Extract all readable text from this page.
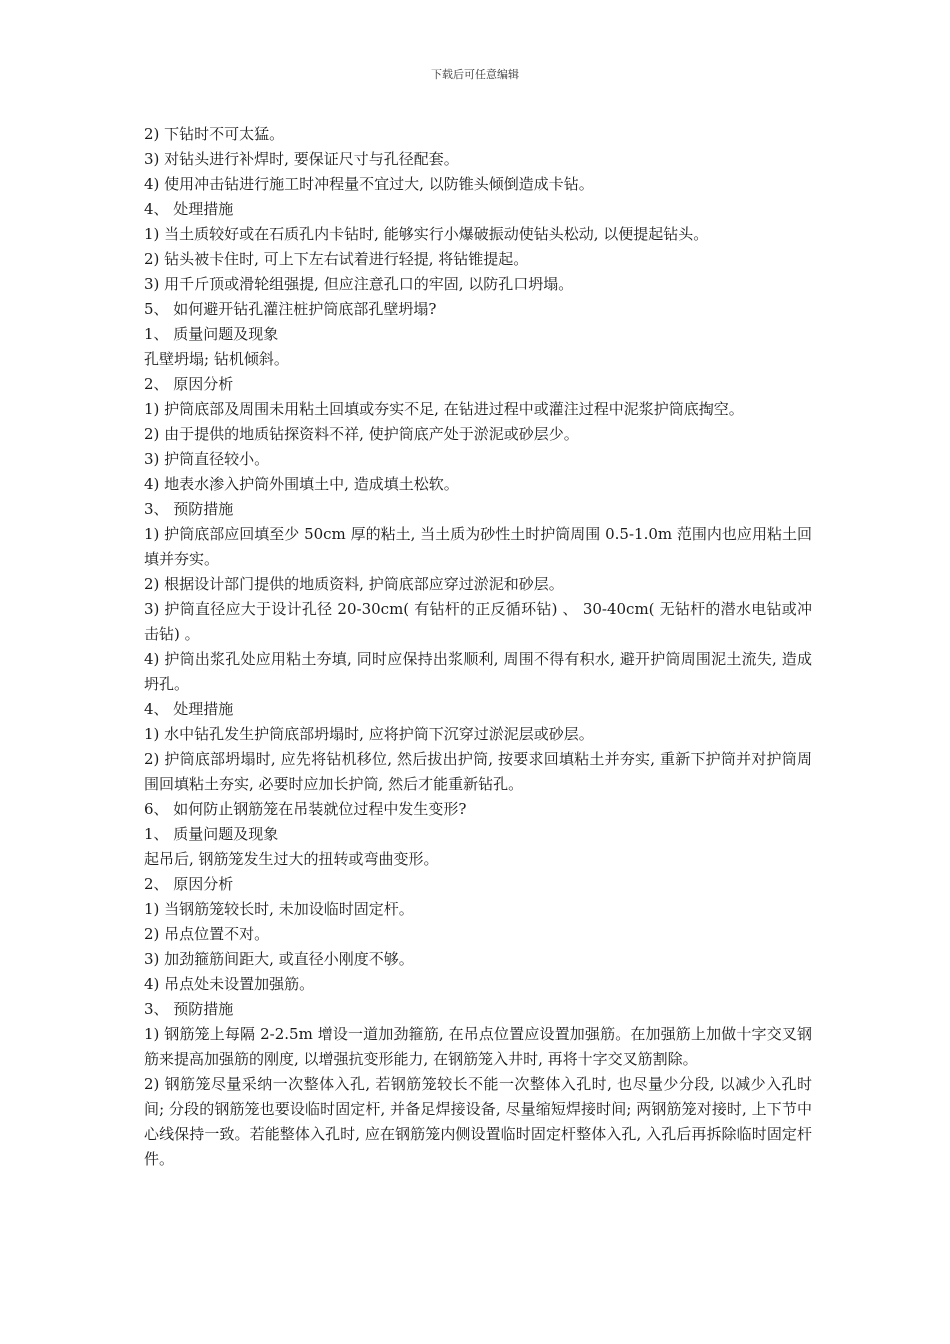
下载后可任意编辑
2) 下钻时不可太猛。
3) 对钻头进行补焊时, 要保证尺寸与孔径配套。
4) 使用冲击钻进行施工时冲程量不宜过大, 以防锥头倾倒造成卡钻。
4、 处理措施
1) 当土质较好或在石质孔内卡钻时, 能够实行小爆破振动使钻头松动, 以便提起钻头。
2) 钻头被卡住时, 可上下左右试着进行轻提, 将钻锥提起。
3) 用千斤顶或滑轮组强提, 但应注意孔口的牢固, 以防孔口坍塌。
5、 如何避开钻孔灌注桩护筒底部孔壁坍塌?
1、 质量问题及现象
孔壁坍塌; 钻机倾斜。
2、 原因分析
1) 护筒底部及周围未用粘土回填或夯实不足, 在钻进过程中或灌注过程中泥浆护筒底掏空。
2) 由于提供的地质钻探资料不祥, 使护筒底产处于淤泥或砂层少。
3) 护筒直径较小。
4) 地表水渗入护筒外围填土中, 造成填土松软。
3、 预防措施
1) 护筒底部应回填至少 50cm 厚的粘土, 当土质为砂性土时护筒周围 0.5-1.0m 范围内也应用粘土回填并夯实。
2) 根据设计部门提供的地质资料, 护筒底部应穿过淤泥和砂层。
3) 护筒直径应大于设计孔径 20-30cm( 有钻杆的正反循环钻) 、 30-40cm( 无钻杆的潜水电钻或冲击钻) 。
4) 护筒出浆孔处应用粘土夯填, 同时应保持出浆顺利, 周围不得有积水, 避开护筒周围泥土流失, 造成坍孔。
4、 处理措施
1) 水中钻孔发生护筒底部坍塌时, 应将护筒下沉穿过淤泥层或砂层。
2) 护筒底部坍塌时, 应先将钻机移位, 然后拔出护筒, 按要求回填粘土并夯实, 重新下护筒并对护筒周围回填粘土夯实, 必要时应加长护筒, 然后才能重新钻孔。
6、 如何防止钢筋笼在吊装就位过程中发生变形?
1、 质量问题及现象
起吊后, 钢筋笼发生过大的扭转或弯曲变形。
2、 原因分析
1) 当钢筋笼较长时, 未加设临时固定杆。
2) 吊点位置不对。
3) 加劲箍筋间距大, 或直径小刚度不够。
4) 吊点处未设置加强筋。
3、 预防措施
1) 钢筋笼上每隔 2-2.5m 增设一道加劲箍筋, 在吊点位置应设置加强筋。在加强筋上加做十字交叉钢筋来提高加强筋的刚度, 以增强抗变形能力, 在钢筋笼入井时, 再将十字交叉筋割除。
2) 钢筋笼尽量采纳一次整体入孔, 若钢筋笼较长不能一次整体入孔时, 也尽量少分段, 以减少入孔时间; 分段的钢筋笼也要设临时固定杆, 并备足焊接设备, 尽量缩短焊接时间; 两钢筋笼对接时, 上下节中心线保持一致。若能整体入孔时, 应在钢筋笼内侧设置临时固定杆整体入孔, 入孔后再拆除临时固定杆件。
